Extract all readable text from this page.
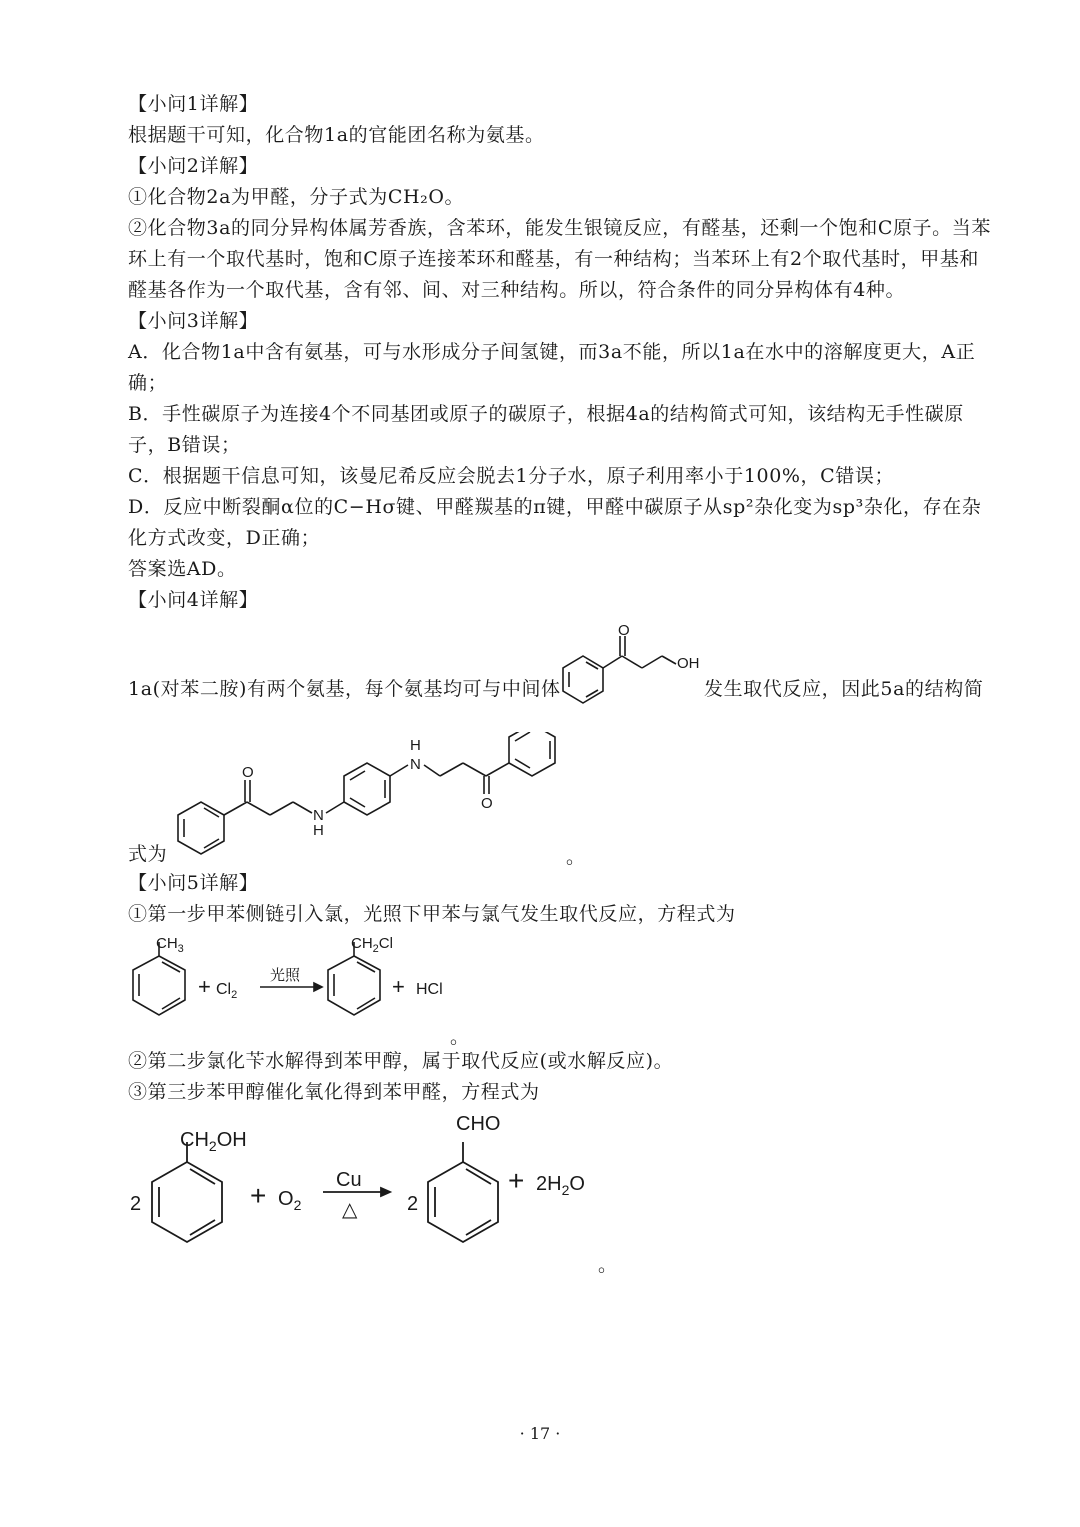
【小问1详解】
根据题干可知，化合物1a的官能团名称为氨基。
【小问2详解】
①化合物2a为甲醛，分子式为CH₂O。
②化合物3a的同分异构体属芳香族，含苯环，能发生银镜反应，有醛基，还剩一个饱和C原子。当苯
环上有一个取代基时，饱和C原子连接苯环和醛基，有一种结构；当苯环上有2个取代基时，甲基和
醛基各作为一个取代基，含有邻、间、对三种结构。所以，符合条件的同分异构体有4种。
【小问3详解】
A．化合物1a中含有氨基，可与水形成分子间氢键，而3a不能，所以1a在水中的溶解度更大，A正
确；
B．手性碳原子为连接4个不同基团或原子的碳原子，根据4a的结构简式可知，该结构无手性碳原
子，B错误；
C．根据题干信息可知，该曼尼希反应会脱去1分子水，原子利用率小于100%，C错误；
D．反应中断裂酮α位的C−Hσ键、甲醛羰基的π键，甲醛中碳原子从sp²杂化变为sp³杂化，存在杂
化方式改变，D正确；
答案选AD。
【小问4详解】
1a(对苯二胺)有两个氨基，每个氨基均可与中间体	发生取代反应，因此5a的结构简
O
OH
O
N
H
H
N
O
式为	。
【小问5详解】
①第一步甲苯侧链引入氯，光照下甲苯与氯气发生取代反应，方程式为
$CH_3$
+ $Cl_2$
光照
$CH_2Cl$
+ HCl
。
②第二步氯化苄水解得到苯甲醇，属于取代反应(或水解反应)。
③第三步苯甲醇催化氧化得到苯甲醛，方程式为
2
$CH_2OH$
+ $O_2$
Cu
△ 2
CHO
+ $2H_2O$
。
· 17 ·
